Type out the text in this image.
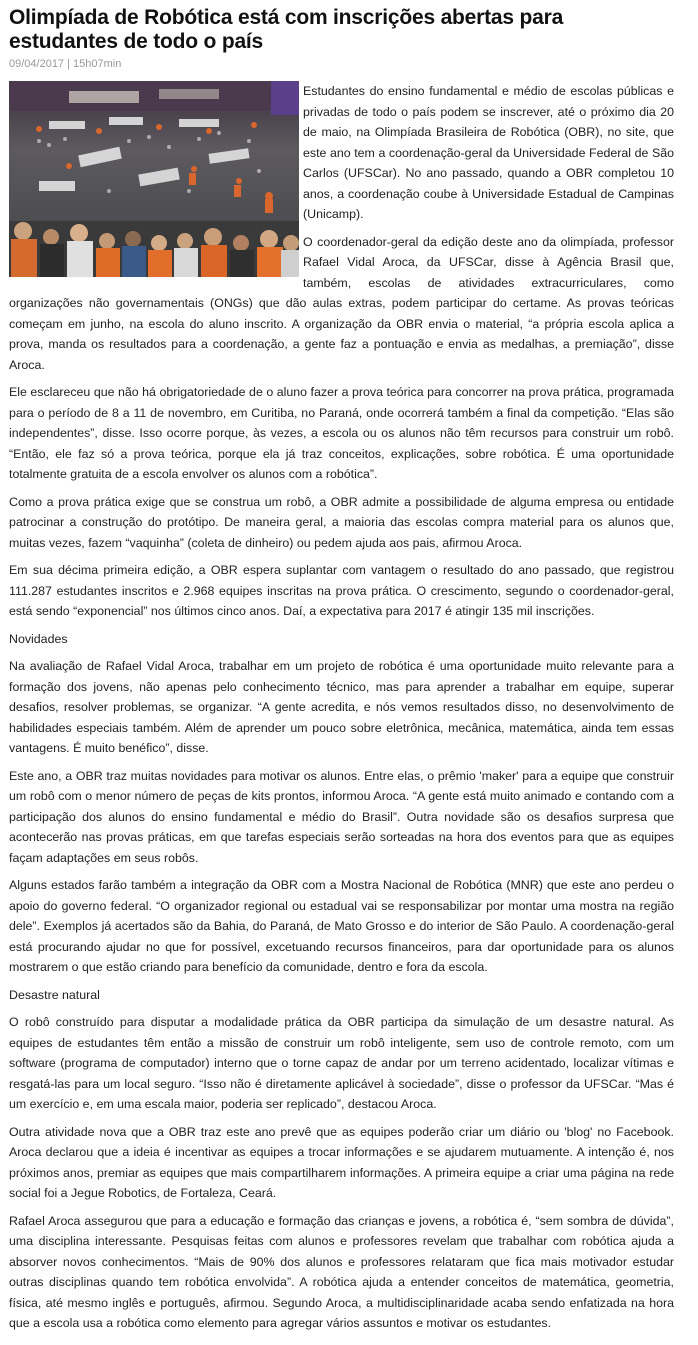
Olimpíada de Robótica está com inscrições abertas para estudantes de todo o país
09/04/2017 | 15h07min

Estudantes do ensino fundamental e médio de escolas públicas e privadas de todo o país podem se inscrever, até o próximo dia 20 de maio, na Olimpíada Brasileira de Robótica (OBR), no site, que este ano tem a coordenação-geral da Universidade Federal de São Carlos (UFSCar). No ano passado, quando a OBR completou 10 anos, a coordenação coube à Universidade Estadual de Campinas (Unicamp).

O coordenador-geral da edição deste ano da olimpíada, professor Rafael Vidal Aroca, da UFSCar, disse à Agência Brasil que, também, escolas de atividades extracurriculares, como organizações não governamentais (ONGs) que dão aulas extras, podem participar do certame. As provas teóricas começam em junho, na escola do aluno inscrito. A organização da OBR envia o material, “a própria escola aplica a prova, manda os resultados para a coordenação, a gente faz a pontuação e envia as medalhas, a premiação”, disse Aroca.

Ele esclareceu que não há obrigatoriedade de o aluno fazer a prova teórica para concorrer na prova prática, programada para o período de 8 a 11 de novembro, em Curitiba, no Paraná, onde ocorrerá também a final da competição. “Elas são independentes”, disse. Isso ocorre porque, às vezes, a escola ou os alunos não têm recursos para construir um robô. “Então, ele faz só a prova teórica, porque ela já traz conceitos, explicações, sobre robótica. É uma oportunidade totalmente gratuita de a escola envolver os alunos com a robótica”.

Como a prova prática exige que se construa um robô, a OBR admite a possibilidade de alguma empresa ou entidade patrocinar a construção do protótipo. De maneira geral, a maioria das escolas compra material para os alunos que, muitas vezes, fazem “vaquinha” (coleta de dinheiro) ou pedem ajuda aos pais, afirmou Aroca.

Em sua décima primeira edição, a OBR espera suplantar com vantagem o resultado do ano passado, que registrou 111.287 estudantes inscritos e 2.968 equipes inscritas na prova prática. O crescimento, segundo o coordenador-geral, está sendo “exponencial” nos últimos cinco anos. Daí, a expectativa para 2017 é atingir 135 mil inscrições.

Novidades

Na avaliação de Rafael Vidal Aroca, trabalhar em um projeto de robótica é uma oportunidade muito relevante para a formação dos jovens, não apenas pelo conhecimento técnico, mas para aprender a trabalhar em equipe, superar desafios, resolver problemas, se organizar. “A gente acredita, e nós vemos resultados disso, no desenvolvimento de habilidades especiais também. Além de aprender um pouco sobre eletrônica, mecânica, matemática, ainda tem essas vantagens. É muito benéfico”, disse.

Este ano, a OBR traz muitas novidades para motivar os alunos. Entre elas, o prêmio 'maker' para a equipe que construir um robô com o menor número de peças de kits prontos, informou Aroca. “A gente está muito animado e contando com a participação dos alunos do ensino fundamental e médio do Brasil”. Outra novidade são os desafios surpresa que acontecerão nas provas práticas, em que tarefas especiais serão sorteadas na hora dos eventos para que as equipes façam adaptações em seus robôs.

Alguns estados farão também a integração da OBR com a Mostra Nacional de Robótica (MNR) que este ano perdeu o apoio do governo federal. “O organizador regional ou estadual vai se responsabilizar por montar uma mostra na região dele”. Exemplos já acertados são da Bahia, do Paraná, de Mato Grosso e do interior de São Paulo. A coordenação-geral está procurando ajudar no que for possível, excetuando recursos financeiros, para dar oportunidade para os alunos mostrarem o que estão criando para benefício da comunidade, dentro e fora da escola.

Desastre natural

O robô construído para disputar a modalidade prática da OBR participa da simulação de um desastre natural. As equipes de estudantes têm então a missão de construir um robô inteligente, sem uso de controle remoto, com um software (programa de computador) interno que o torne capaz de andar por um terreno acidentado, localizar vítimas e resgatá-las para um local seguro. “Isso não é diretamente aplicável à sociedade”, disse o professor da UFSCar. “Mas é um exercício e, em uma escala maior, poderia ser replicado”, destacou Aroca.

Outra atividade nova que a OBR traz este ano prevê que as equipes poderão criar um diário ou 'blog' no Facebook. Aroca declarou que a ideia é incentivar as equipes a trocar informações e se ajudarem mutuamente. A intenção é, nos próximos anos, premiar as equipes que mais compartilharem informações. A primeira equipe a criar uma página na rede social foi a Jegue Robotics, de Fortaleza, Ceará.

Rafael Aroca assegurou que para a educação e formação das crianças e jovens, a robótica é, “sem sombra de dúvida”, uma disciplina interessante. Pesquisas feitas com alunos e professores revelam que trabalhar com robótica ajuda a absorver novos conhecimentos. “Mais de 90% dos alunos e professores relataram que fica mais motivador estudar outras disciplinas quando tem robótica envolvida”. A robótica ajuda a entender conceitos de matemática, geometria, física, até mesmo inglês e português, afirmou. Segundo Aroca, a multidisciplinaridade acaba sendo enfatizada na hora que a escola usa a robótica como elemento para agregar vários assuntos e motivar os estudantes.
